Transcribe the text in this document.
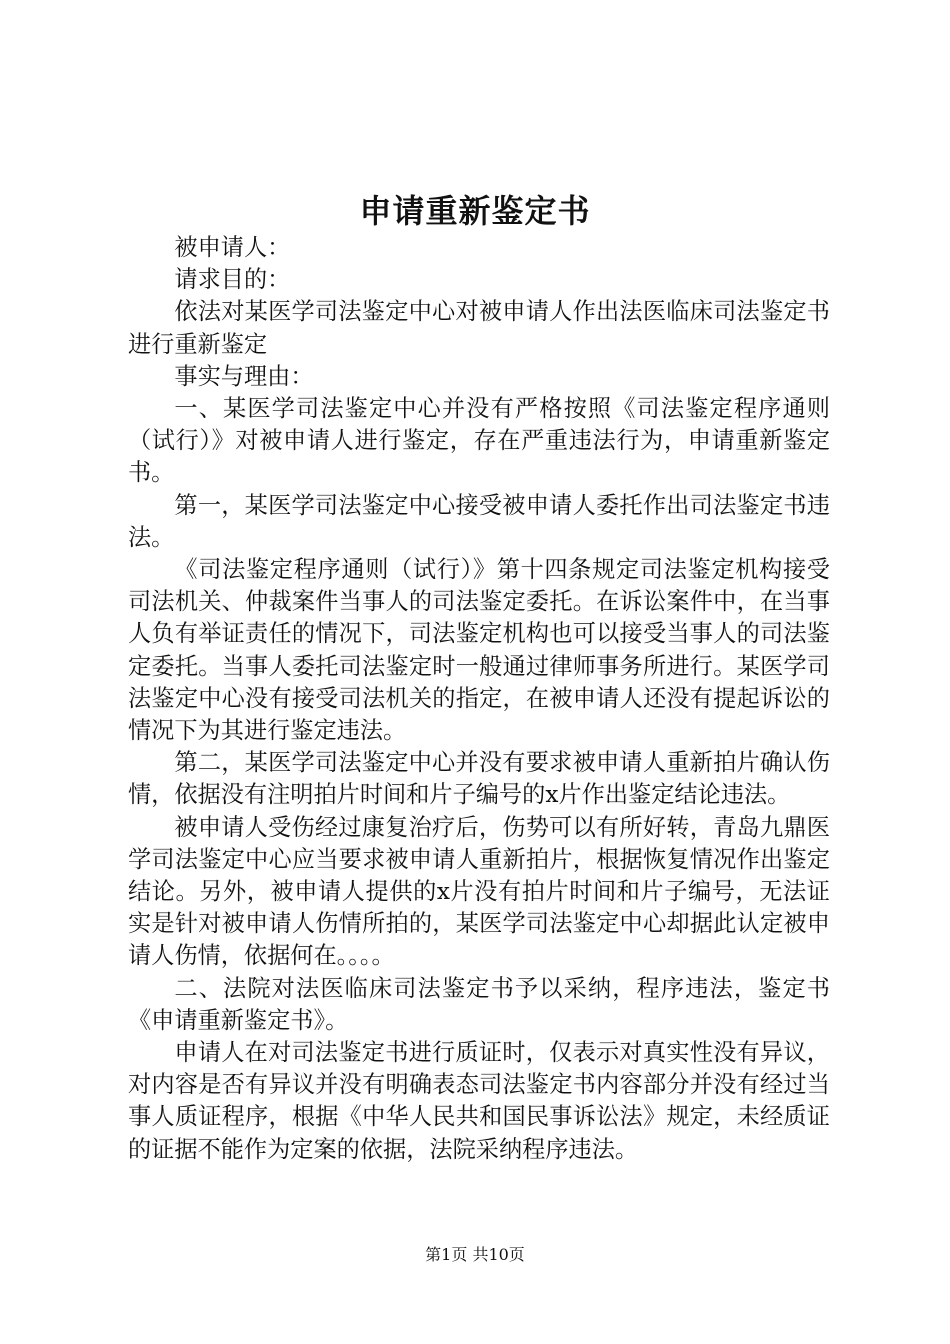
申请重新鉴定书

被申请人：

请求目的：

依法对某医学司法鉴定中心对被申请人作出法医临床司法鉴定书进行重新鉴定

事实与理由：

一、某医学司法鉴定中心并没有严格按照《司法鉴定程序通则（试行）》对被申请人进行鉴定，存在严重违法行为，申请重新鉴定书。

第一，某医学司法鉴定中心接受被申请人委托作出司法鉴定书违法。

《司法鉴定程序通则（试行）》第十四条规定司法鉴定机构接受司法机关、仲裁案件当事人的司法鉴定委托。在诉讼案件中，在当事人负有举证责任的情况下，司法鉴定机构也可以接受当事人的司法鉴定委托。当事人委托司法鉴定时一般通过律师事务所进行。某医学司法鉴定中心没有接受司法机关的指定，在被申请人还没有提起诉讼的情况下为其进行鉴定违法。

第二，某医学司法鉴定中心并没有要求被申请人重新拍片确认伤情，依据没有注明拍片时间和片子编号的x片作出鉴定结论违法。

被申请人受伤经过康复治疗后，伤势可以有所好转，青岛九鼎医学司法鉴定中心应当要求被申请人重新拍片，根据恢复情况作出鉴定结论。另外，被申请人提供的x片没有拍片时间和片子编号，无法证实是针对被申请人伤情所拍的，某医学司法鉴定中心却据此认定被申请人伤情，依据何在。。。。

二、法院对法医临床司法鉴定书予以采纳，程序违法，鉴定书《申请重新鉴定书》。

申请人在对司法鉴定书进行质证时，仅表示对真实性没有异议，对内容是否有异议并没有明确表态司法鉴定书内容部分并没有经过当事人质证程序，根据《中华人民共和国民事诉讼法》规定，未经质证的证据不能作为定案的依据，法院采纳程序违法。

第1页 共10页
